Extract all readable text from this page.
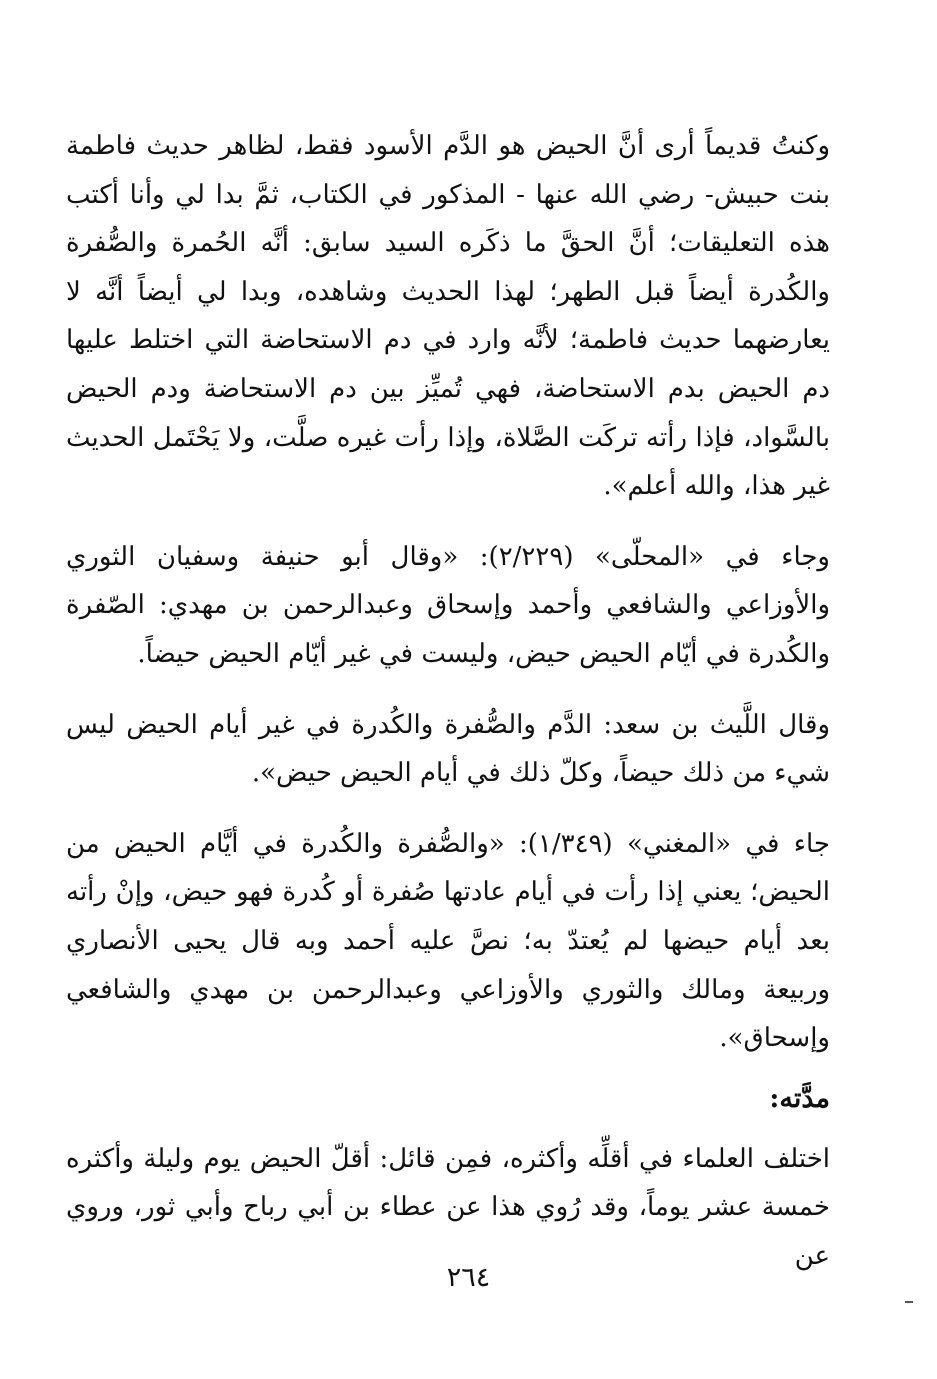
وكنتُ قديماً أرى أنَّ الحيض هو الدَّم الأسود فقط، لظاهر حديث فاطمة بنت حبيش- رضي الله عنها - المذكور في الكتاب، ثمَّ بدا لي وأنا أكتب هذه التعليقات؛ أنَّ الحقَّ ما ذكَره السيد سابق: أنَّه الحُمرة والصُّفرة والكُدرة أيضاً قبل الطهر؛ لهذا الحديث وشاهده، وبدا لي أيضاً أنَّه لا يعارضهما حديث فاطمة؛ لأنَّه وارد في دم الاستحاضة التي اختلط عليها دم الحيض بدم الاستحاضة، فهي تُميِّز بين دم الاستحاضة ودم الحيض بالسَّواد، فإذا رأته تركَت الصَّلاة، وإذا رأت غيره صلَّت، ولا يَحْتَمل الحديث غير هذا، والله أعلم».

وجاء في «المحلّى» (٢/٢٢٩): «وقال أبو حنيفة وسفيان الثوري والأوزاعي والشافعي وأحمد وإسحاق وعبدالرحمن بن مهدي: الصّفرة والكُدرة في أيّام الحيض حيض، وليست في غير أيّام الحيض حيضاً.

وقال اللَّيث بن سعد: الدَّم والصُّفرة والكُدرة في غير أيام الحيض ليس شيء من ذلك حيضاً، وكلّ ذلك في أيام الحيض حيض».

جاء في «المغني» (١/٣٤٩): «والصُّفرة والكُدرة في أيَّام الحيض من الحيض؛ يعني إذا رأت في أيام عادتها صُفرة أو كُدرة فهو حيض، وإنْ رأته بعد أيام حيضها لم يُعتدّ به؛ نصَّ عليه أحمد وبه قال يحيى الأنصاري وربيعة ومالك والثوري والأوزاعي وعبدالرحمن بن مهدي والشافعي وإسحاق».

مدَّته:

اختلف العلماء في أقلِّه وأكثره، فمِن قائل: أقلّ الحيض يوم وليلة وأكثره خمسة عشر يوماً، وقد رُوي هذا عن عطاء بن أبي رباح وأبي ثور، وروي عن

٢٦٤
